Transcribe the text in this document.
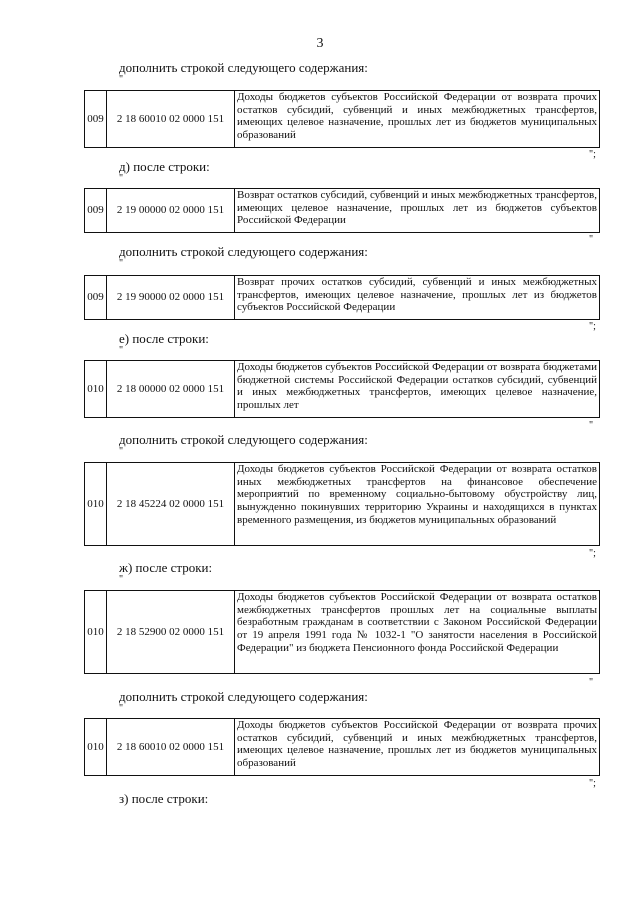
3
дополнить строкой следующего содержания:
"
009	2 18 60010 02 0000 151	Доходы бюджетов субъектов Российской Федерации от возврата прочих остатков субсидий, субвенций и иных межбюджетных трансфертов, имеющих целевое назначение, прошлых лет из бюджетов муниципальных образований
";
д) после строки:
"
009	2 19 00000 02 0000 151	Возврат остатков субсидий, субвенций и иных межбюджетных трансфертов, имеющих целевое назначение, прошлых лет из бюджетов субъектов Российской Федерации
"
дополнить строкой следующего содержания:
"
009	2 19 90000 02 0000 151	Возврат прочих остатков субсидий, субвенций и иных межбюджетных трансфертов, имеющих целевое назначение, прошлых лет из бюджетов субъектов Российской Федерации
";
е) после строки:
"
010	2 18 00000 02 0000 151	Доходы бюджетов субъектов Российской Федерации от возврата бюджетами бюджетной системы Российской Федерации остатков субсидий, субвенций и иных межбюджетных трансфертов, имеющих целевое назначение, прошлых лет
"
дополнить строкой следующего содержания:
"
010	2 18 45224 02 0000 151	Доходы бюджетов субъектов Российской Федерации от возврата остатков иных межбюджетных трансфертов на финансовое обеспечение мероприятий по временному социально-бытовому обустройству лиц, вынужденно покинувших территорию Украины и находящихся в пунктах временного размещения, из бюджетов муниципальных образований
";
ж) после строки:
"
010	2 18 52900 02 0000 151	Доходы бюджетов субъектов Российской Федерации от возврата остатков межбюджетных трансфертов прошлых лет на социальные выплаты безработным гражданам в соответствии с Законом Российской Федерации от 19 апреля 1991 года № 1032-1 "О занятости населения в Российской Федерации" из бюджета Пенсионного фонда Российской Федерации
"
дополнить строкой следующего содержания:
"
010	2 18 60010 02 0000 151	Доходы бюджетов субъектов Российской Федерации от возврата прочих остатков субсидий, субвенций и иных межбюджетных трансфертов, имеющих целевое назначение, прошлых лет из бюджетов муниципальных образований
";
з) после строки:
